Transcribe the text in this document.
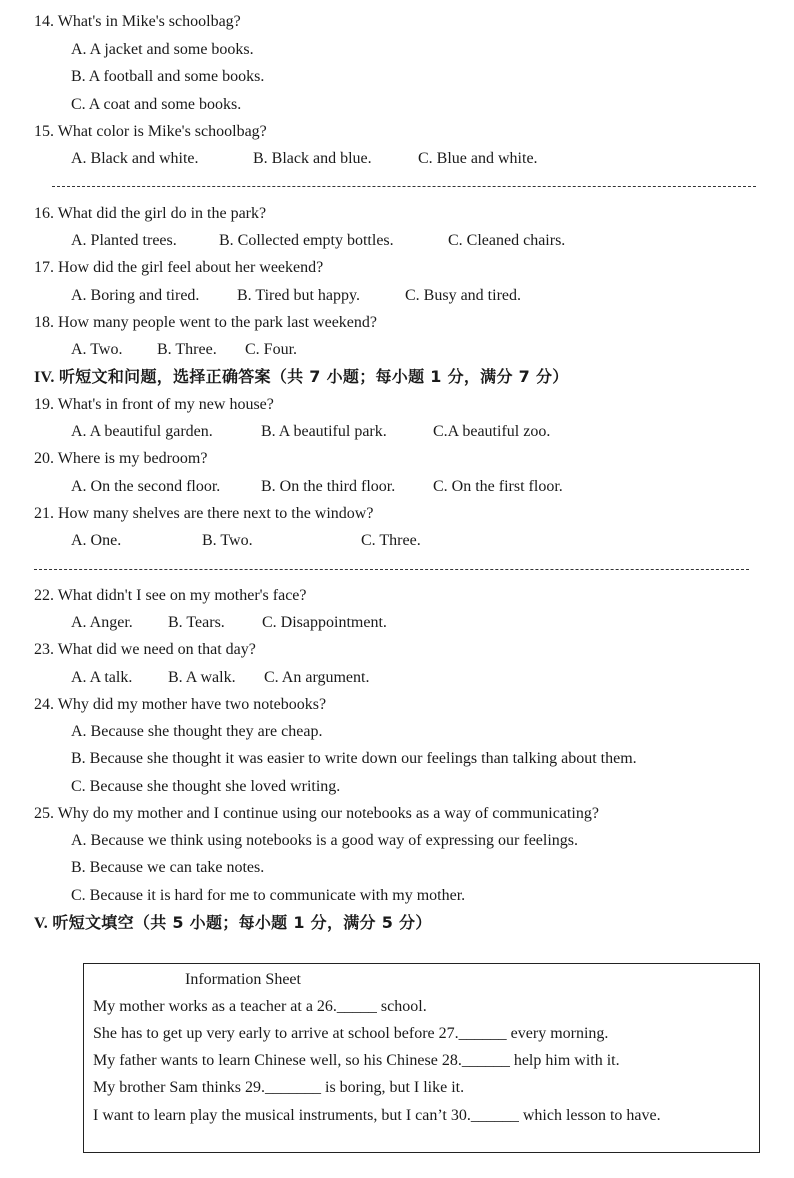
14. What's in Mike's schoolbag?
A. A jacket and some books.
B. A football and some books.
C. A coat and some books.
15. What color is Mike's schoolbag?
A. Black and white.	B. Black and blue.	C. Blue and white.
16. What did the girl do in the park?
A. Planted trees.	B. Collected empty bottles.	C. Cleaned chairs.
17. How did the girl feel about her weekend?
A. Boring and tired. B. Tired but happy.	C. Busy and tired.
18. How many people went to the park last weekend?
A. Two. B. Three. C. Four.
IV. 听短文和问题，选择正确答案（共 7 小题；每小题 1 分，满分 7 分）
19. What's in front of my new house?
A. A beautiful garden.	B. A beautiful park.	C.A beautiful zoo.
20. Where is my bedroom?
A. On the second floor.	B. On the third floor. C. On the first floor.
21. How many shelves are there next to the window?
A. One.	B. Two.	C. Three.
22. What didn't I see on my mother's face?
A. Anger. B. Tears. C. Disappointment.
23. What did we need on that day?
A. A talk. B. A walk. C. An argument.
24. Why did my mother have two notebooks?
A. Because she thought they are cheap.
B. Because she thought it was easier to write down our feelings than talking about them.
C. Because she thought she loved writing.
25. Why do my mother and I continue using our notebooks as a way of communicating?
A. Because we think using notebooks is a good way of expressing our feelings.
B. Because we can take notes.
C. Because it is hard for me to communicate with my mother.
V. 听短文填空（共 5 小题；每小题 1 分，满分 5 分）
Information Sheet
My mother works as a teacher at a 26._____ school.
She has to get up very early to arrive at school before 27.______ every morning.
My father wants to learn Chinese well, so his Chinese 28.______ help him with it.
My brother Sam thinks 29._______ is boring, but I like it.
I want to learn play the musical instruments, but I can’t 30.______ which lesson to have.
